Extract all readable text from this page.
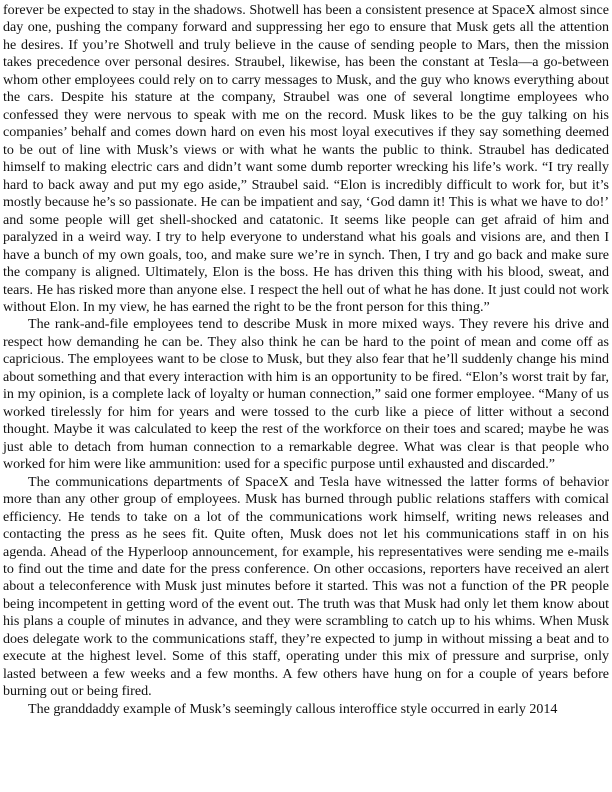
forever be expected to stay in the shadows. Shotwell has been a consistent presence at SpaceX almost since day one, pushing the company forward and suppressing her ego to ensure that Musk gets all the attention he desires. If you’re Shotwell and truly believe in the cause of sending people to Mars, then the mission takes precedence over personal desires. Straubel, likewise, has been the constant at Tesla—a go-between whom other employees could rely on to carry messages to Musk, and the guy who knows everything about the cars. Despite his stature at the company, Straubel was one of several longtime employees who confessed they were nervous to speak with me on the record. Musk likes to be the guy talking on his companies’ behalf and comes down hard on even his most loyal executives if they say something deemed to be out of line with Musk’s views or with what he wants the public to think. Straubel has dedicated himself to making electric cars and didn’t want some dumb reporter wrecking his life’s work. “I try really hard to back away and put my ego aside,” Straubel said. “Elon is incredibly difficult to work for, but it’s mostly because he’s so passionate. He can be impatient and say, ‘God damn it! This is what we have to do!’ and some people will get shell-shocked and catatonic. It seems like people can get afraid of him and paralyzed in a weird way. I try to help everyone to understand what his goals and visions are, and then I have a bunch of my own goals, too, and make sure we’re in synch. Then, I try and go back and make sure the company is aligned. Ultimately, Elon is the boss. He has driven this thing with his blood, sweat, and tears. He has risked more than anyone else. I respect the hell out of what he has done. It just could not work without Elon. In my view, he has earned the right to be the front person for this thing.”

The rank-and-file employees tend to describe Musk in more mixed ways. They revere his drive and respect how demanding he can be. They also think he can be hard to the point of mean and come off as capricious. The employees want to be close to Musk, but they also fear that he’ll suddenly change his mind about something and that every interaction with him is an opportunity to be fired. “Elon’s worst trait by far, in my opinion, is a complete lack of loyalty or human connection,” said one former employee. “Many of us worked tirelessly for him for years and were tossed to the curb like a piece of litter without a second thought. Maybe it was calculated to keep the rest of the workforce on their toes and scared; maybe he was just able to detach from human connection to a remarkable degree. What was clear is that people who worked for him were like ammunition: used for a specific purpose until exhausted and discarded.”

The communications departments of SpaceX and Tesla have witnessed the latter forms of behavior more than any other group of employees. Musk has burned through public relations staffers with comical efficiency. He tends to take on a lot of the communications work himself, writing news releases and contacting the press as he sees fit. Quite often, Musk does not let his communications staff in on his agenda. Ahead of the Hyperloop announcement, for example, his representatives were sending me e-mails to find out the time and date for the press conference. On other occasions, reporters have received an alert about a teleconference with Musk just minutes before it started. This was not a function of the PR people being incompetent in getting word of the event out. The truth was that Musk had only let them know about his plans a couple of minutes in advance, and they were scrambling to catch up to his whims. When Musk does delegate work to the communications staff, they’re expected to jump in without missing a beat and to execute at the highest level. Some of this staff, operating under this mix of pressure and surprise, only lasted between a few weeks and a few months. A few others have hung on for a couple of years before burning out or being fired.

The granddaddy example of Musk’s seemingly callous interoffice style occurred in early 2014
